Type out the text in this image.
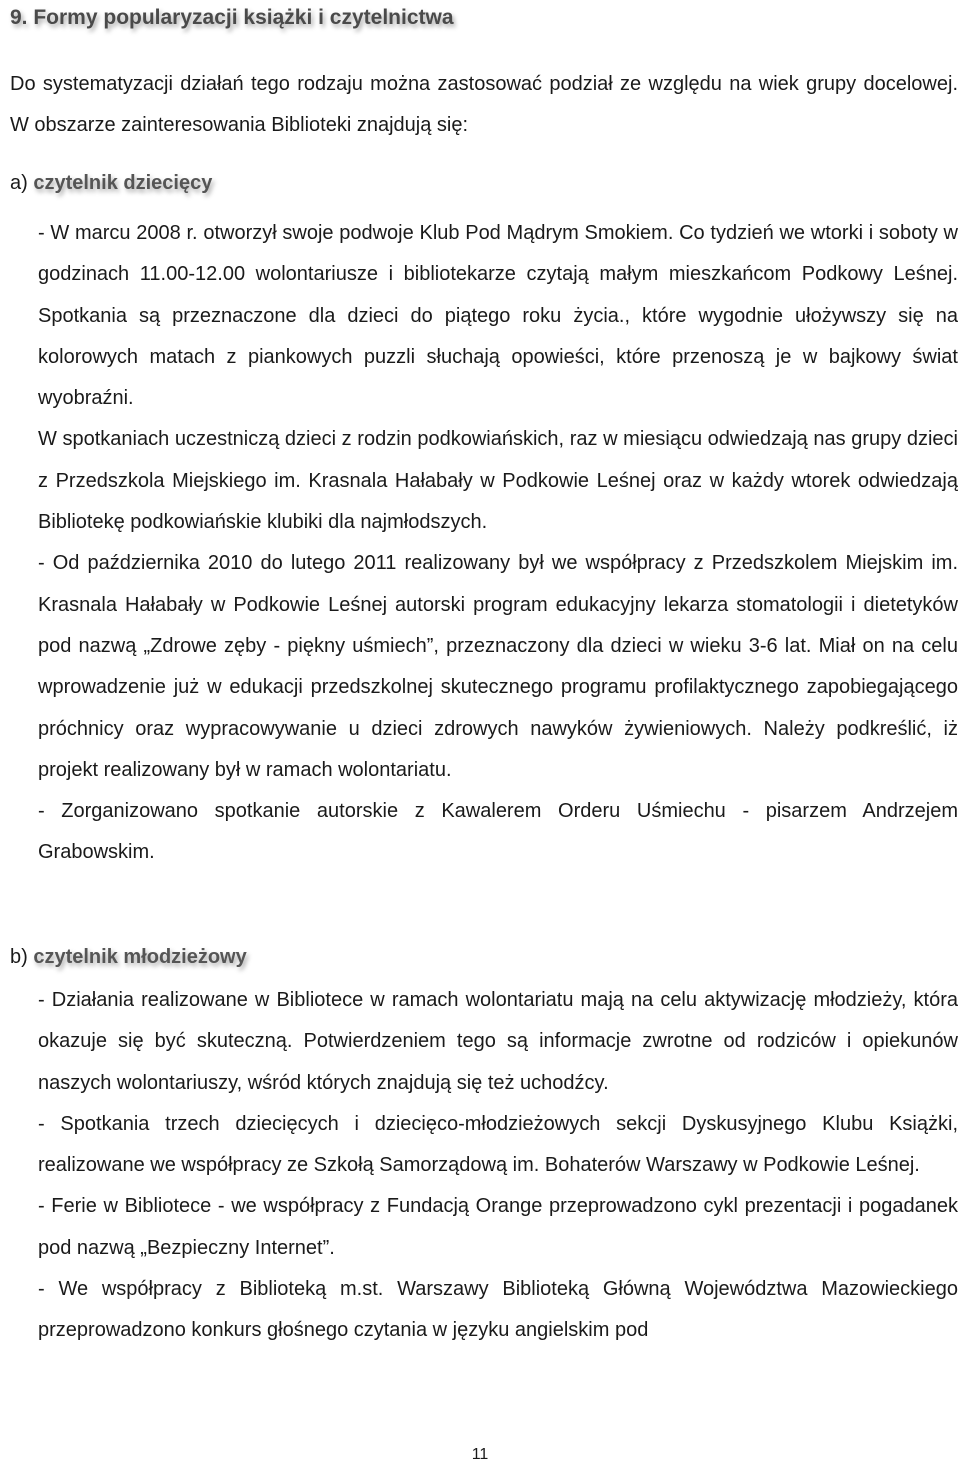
9. Formy popularyzacji książki i czytelnictwa

Do systematyzacji działań tego rodzaju można zastosować podział ze względu na wiek grupy docelowej. W obszarze zainteresowania Biblioteki znajdują się:

a) czytelnik dziecięcy

- W marcu 2008 r. otworzył swoje podwoje Klub Pod Mądrym Smokiem. Co tydzień we wtorki i soboty w godzinach 11.00-12.00 wolontariusze i bibliotekarze czytają małym mieszkańcom Podkowy Leśnej. Spotkania są przeznaczone dla dzieci do piątego roku życia., które wygodnie ułożywszy się na kolorowych matach z piankowych puzzli słuchają opowieści, które przenoszą je w bajkowy świat wyobraźni.

W spotkaniach uczestniczą dzieci z rodzin podkowiańskich, raz w miesiącu odwiedzają nas grupy dzieci z Przedszkola Miejskiego im. Krasnala Hałabały w Podkowie Leśnej oraz w każdy wtorek odwiedzają Bibliotekę podkowiańskie klubiki dla najmłodszych.

- Od października 2010 do lutego 2011 realizowany był we współpracy z Przedszkolem Miejskim im. Krasnala Hałabały w Podkowie Leśnej autorski program edukacyjny lekarza stomatologii i dietetyków pod nazwą „Zdrowe zęby - piękny uśmiech”, przeznaczony dla dzieci w wieku 3-6 lat. Miał on na celu wprowadzenie już w edukacji przedszkolnej skutecznego programu profilaktycznego zapobiegającego próchnicy oraz wypracowywanie u dzieci zdrowych nawyków żywieniowych. Należy podkreślić, iż projekt realizowany był w ramach wolontariatu.

- Zorganizowano spotkanie autorskie z Kawalerem Orderu Uśmiechu - pisarzem Andrzejem Grabowskim.

b) czytelnik młodzieżowy

- Działania realizowane w Bibliotece w ramach wolontariatu mają na celu aktywizację młodzieży, która okazuje się być skuteczną. Potwierdzeniem tego są informacje zwrotne od rodziców i opiekunów naszych wolontariuszy, wśród których znajdują się też uchodźcy.

- Spotkania trzech dziecięcych i dziecięco-młodzieżowych sekcji Dyskusyjnego Klubu Książki, realizowane we współpracy ze Szkołą Samorządową im. Bohaterów Warszawy w Podkowie Leśnej.

- Ferie w Bibliotece - we współpracy z Fundacją Orange przeprowadzono cykl prezentacji i pogadanek pod nazwą „Bezpieczny Internet”.

- We współpracy z Biblioteką m.st. Warszawy Biblioteką Główną Województwa Mazowieckiego przeprowadzono konkurs głośnego czytania w języku angielskim pod

11
